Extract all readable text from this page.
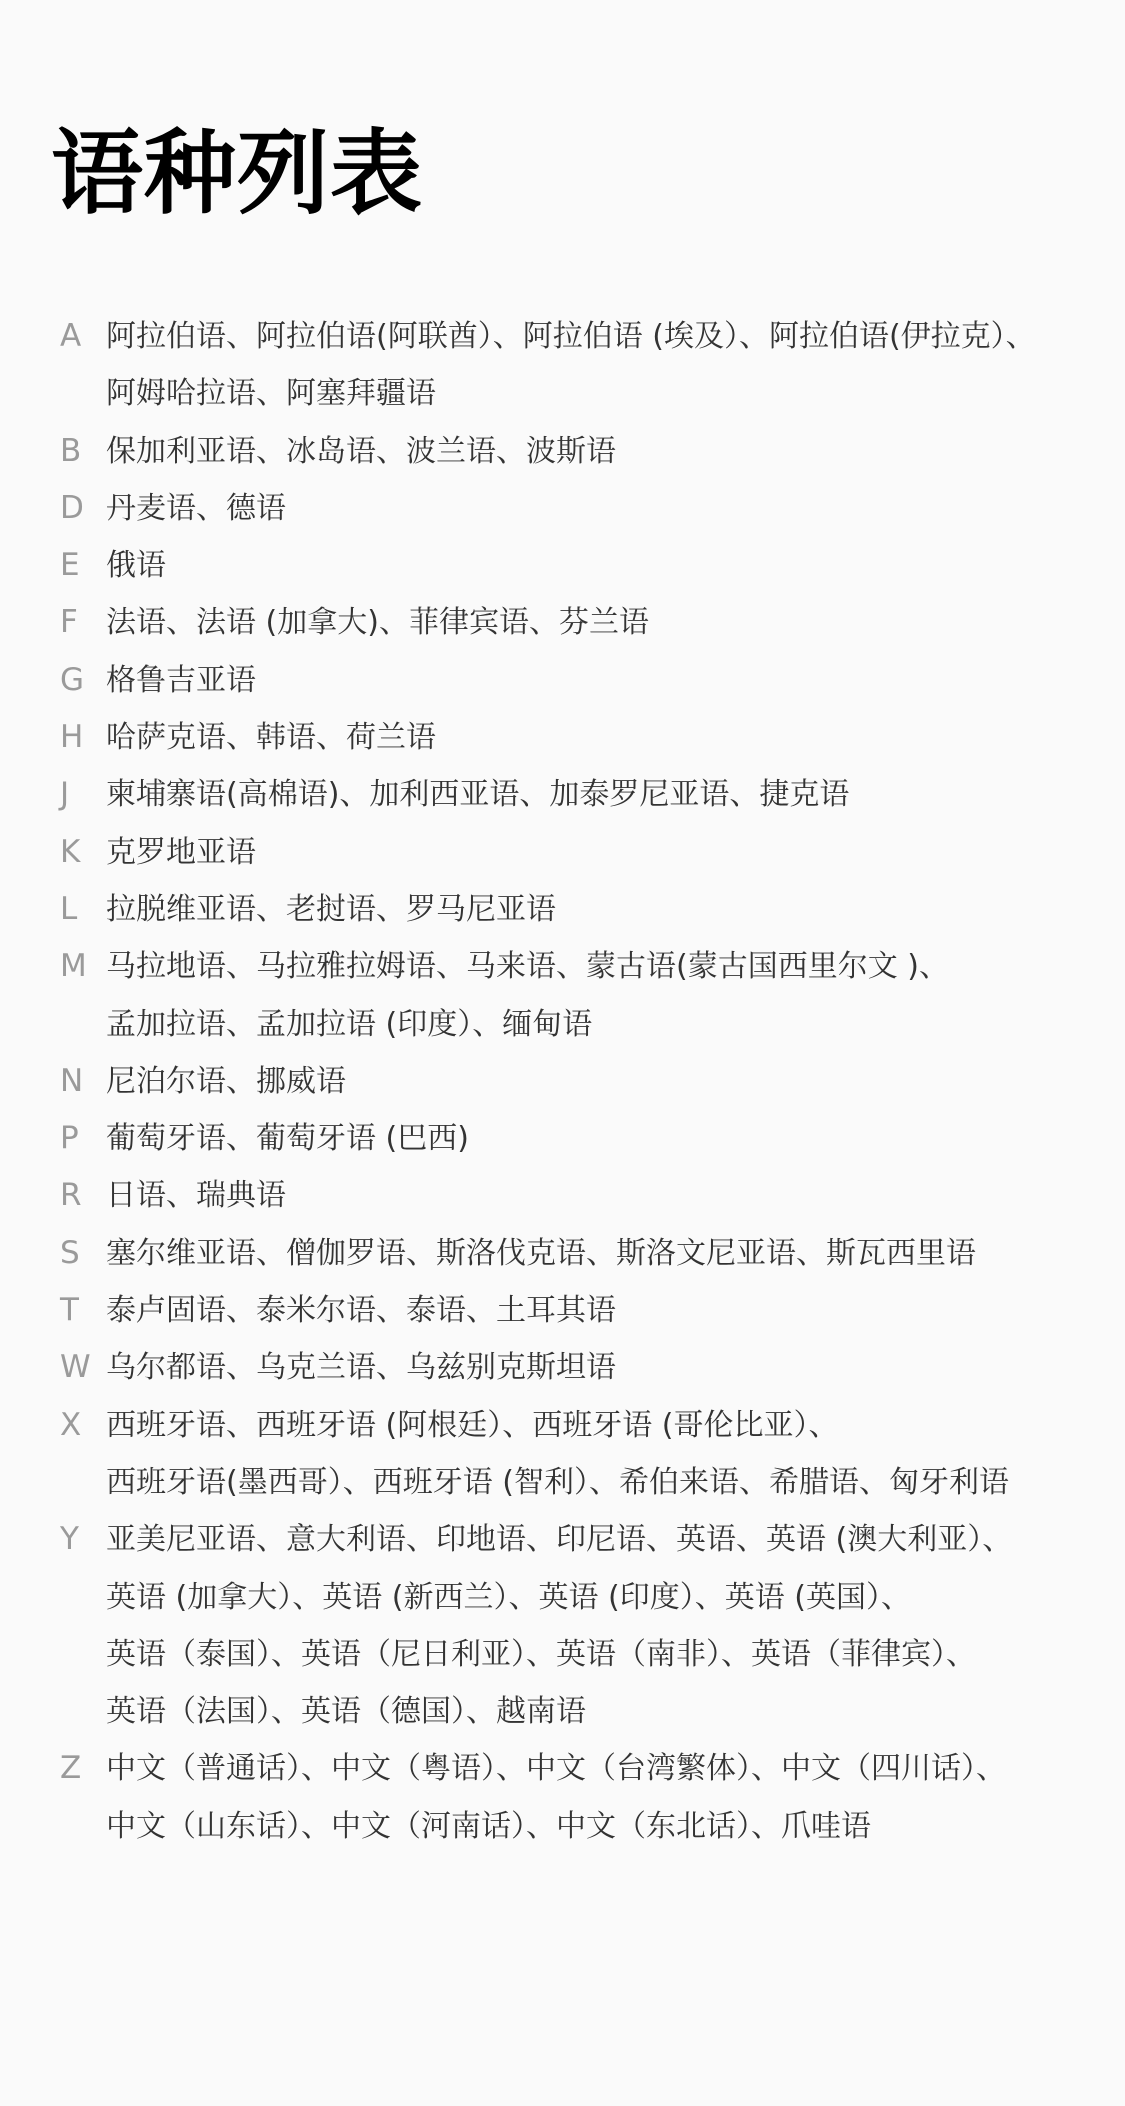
语种列表
A 阿拉伯语、阿拉伯语(阿联酋）、阿拉伯语 (埃及）、阿拉伯语(伊拉克）、
阿姆哈拉语、阿塞拜疆语
B 保加利亚语、冰岛语、波兰语、波斯语
D 丹麦语、德语
E 俄语
F 法语、法语 (加拿大)、菲律宾语、芬兰语
G 格鲁吉亚语
H 哈萨克语、韩语、荷兰语
J	柬埔寨语(高棉语)、加利西亚语、加泰罗尼亚语、捷克语
K 克罗地亚语
L 拉脱维亚语、老挝语、罗马尼亚语
M 马拉地语、马拉雅拉姆语、马来语、蒙古语(蒙古国西里尔文 )、
孟加拉语、孟加拉语 (印度）、缅甸语
N 尼泊尔语、挪威语
P 葡萄牙语、葡萄牙语 (巴西)
R 日语、瑞典语
S 塞尔维亚语、僧伽罗语、斯洛伐克语、斯洛文尼亚语、斯瓦西里语
T 泰卢固语、泰米尔语、泰语、土耳其语
W 乌尔都语、乌克兰语、乌兹别克斯坦语
X 西班牙语、西班牙语 (阿根廷）、西班牙语 (哥伦比亚）、
西班牙语(墨西哥）、西班牙语 (智利）、希伯来语、希腊语、匈牙利语
Y 亚美尼亚语、意大利语、印地语、印尼语、英语、英语 (澳大利亚）、
英语 (加拿大）、英语 (新西兰）、英语 (印度）、英语 (英国）、
英语（泰国）、英语（尼日利亚）、英语（南非）、英语（菲律宾）、
英语（法国）、英语（德国）、越南语
Z 中文（普通话）、中文（粤语）、中文（台湾繁体）、中文（四川话）、
中文（山东话）、中文（河南话）、中文（东北话）、爪哇语
